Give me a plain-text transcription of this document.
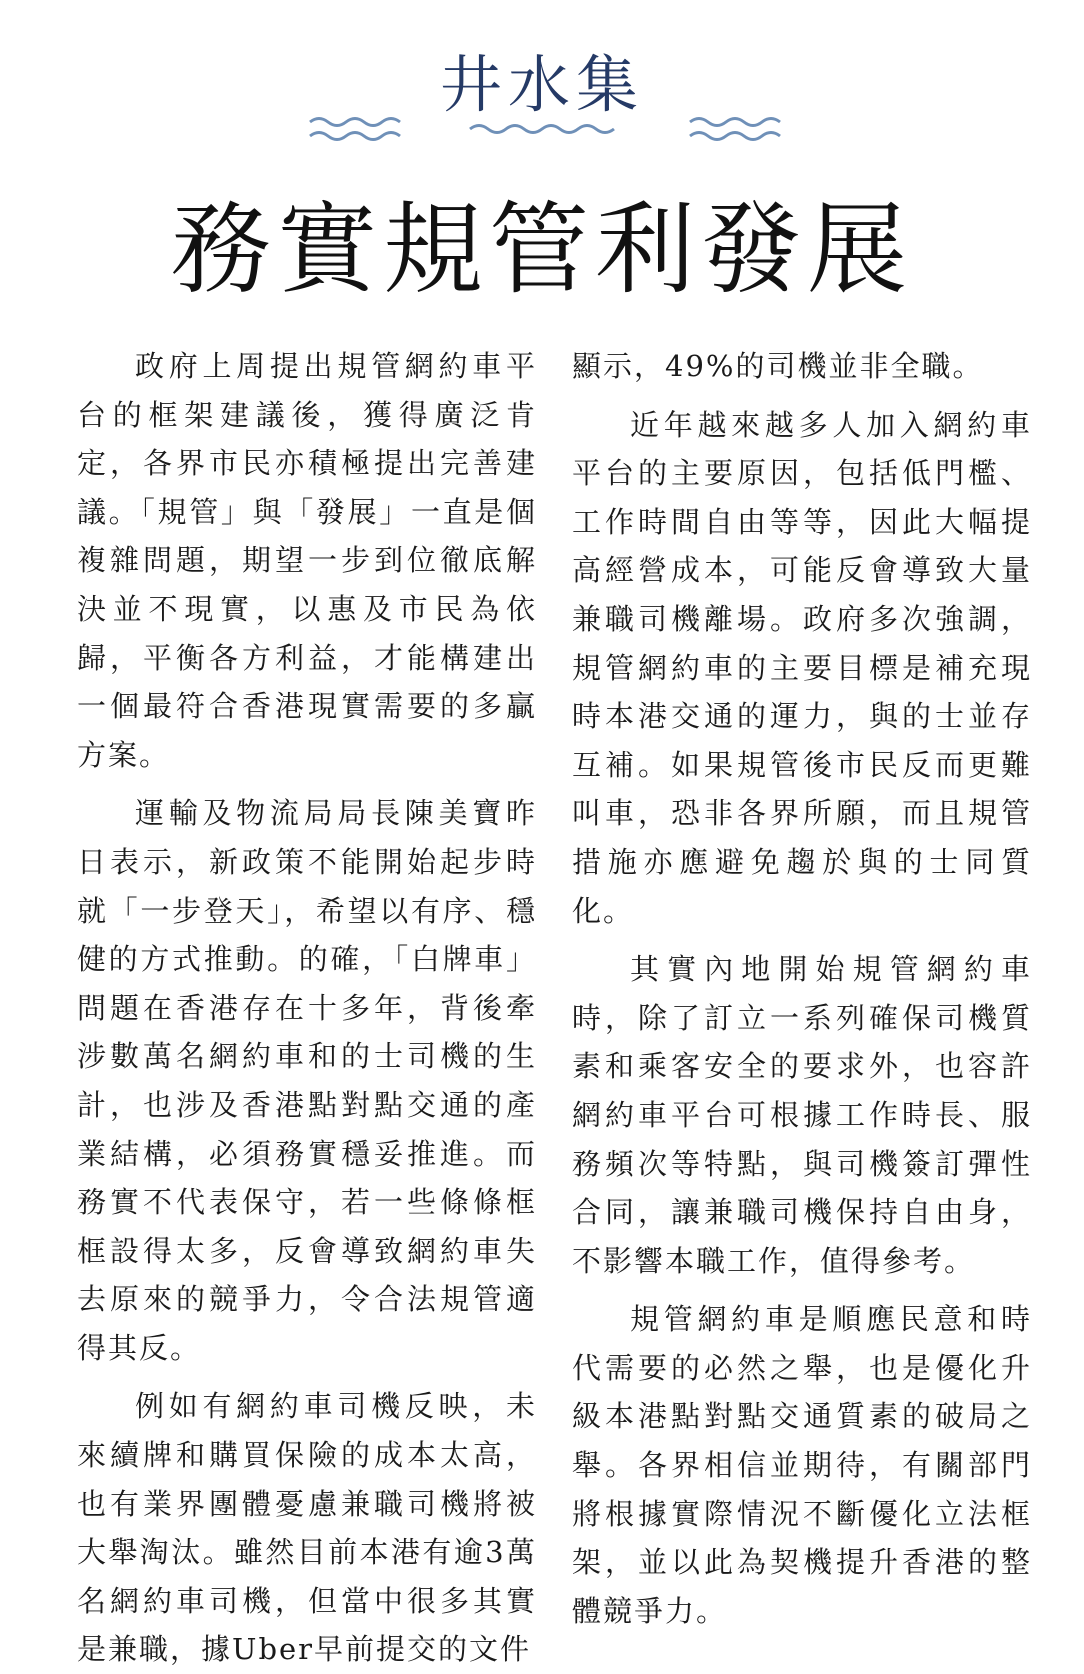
井水集
務實規管利發展

政府上周提出規管網約車平台的框架建議後，獲得廣泛肯定，各界市民亦積極提出完善建議。「規管」與「發展」一直是個複雜問題，期望一步到位徹底解決並不現實，以惠及市民為依歸，平衡各方利益，才能構建出一個最符合香港現實需要的多贏方案。

運輸及物流局局長陳美寶昨日表示，新政策不能開始起步時就「一步登天」，希望以有序、穩健的方式推動。的確，「白牌車」問題在香港存在十多年，背後牽涉數萬名網約車和的士司機的生計，也涉及香港點對點交通的產業結構，必須務實穩妥推進。而務實不代表保守，若一些條條框框設得太多，反會導致網約車失去原來的競爭力，令合法規管適得其反。

例如有網約車司機反映，未來續牌和購買保險的成本太高，也有業界團體憂慮兼職司機將被大舉淘汰。雖然目前本港有逾3萬名網約車司機，但當中很多其實是兼職，據Uber早前提交的文件

顯示，49%的司機並非全職。

近年越來越多人加入網約車平台的主要原因，包括低門檻、工作時間自由等等，因此大幅提高經營成本，可能反會導致大量兼職司機離場。政府多次強調，規管網約車的主要目標是補充現時本港交通的運力，與的士並存互補。如果規管後市民反而更難叫車，恐非各界所願，而且規管措施亦應避免趨於與的士同質化。

其實內地開始規管網約車時，除了訂立一系列確保司機質素和乘客安全的要求外，也容許網約車平台可根據工作時長、服務頻次等特點，與司機簽訂彈性合同，讓兼職司機保持自由身，不影響本職工作，值得參考。

規管網約車是順應民意和時代需要的必然之舉，也是優化升級本港點對點交通質素的破局之舉。各界相信並期待，有關部門將根據實際情況不斷優化立法框架，並以此為契機提升香港的整體競爭力。
